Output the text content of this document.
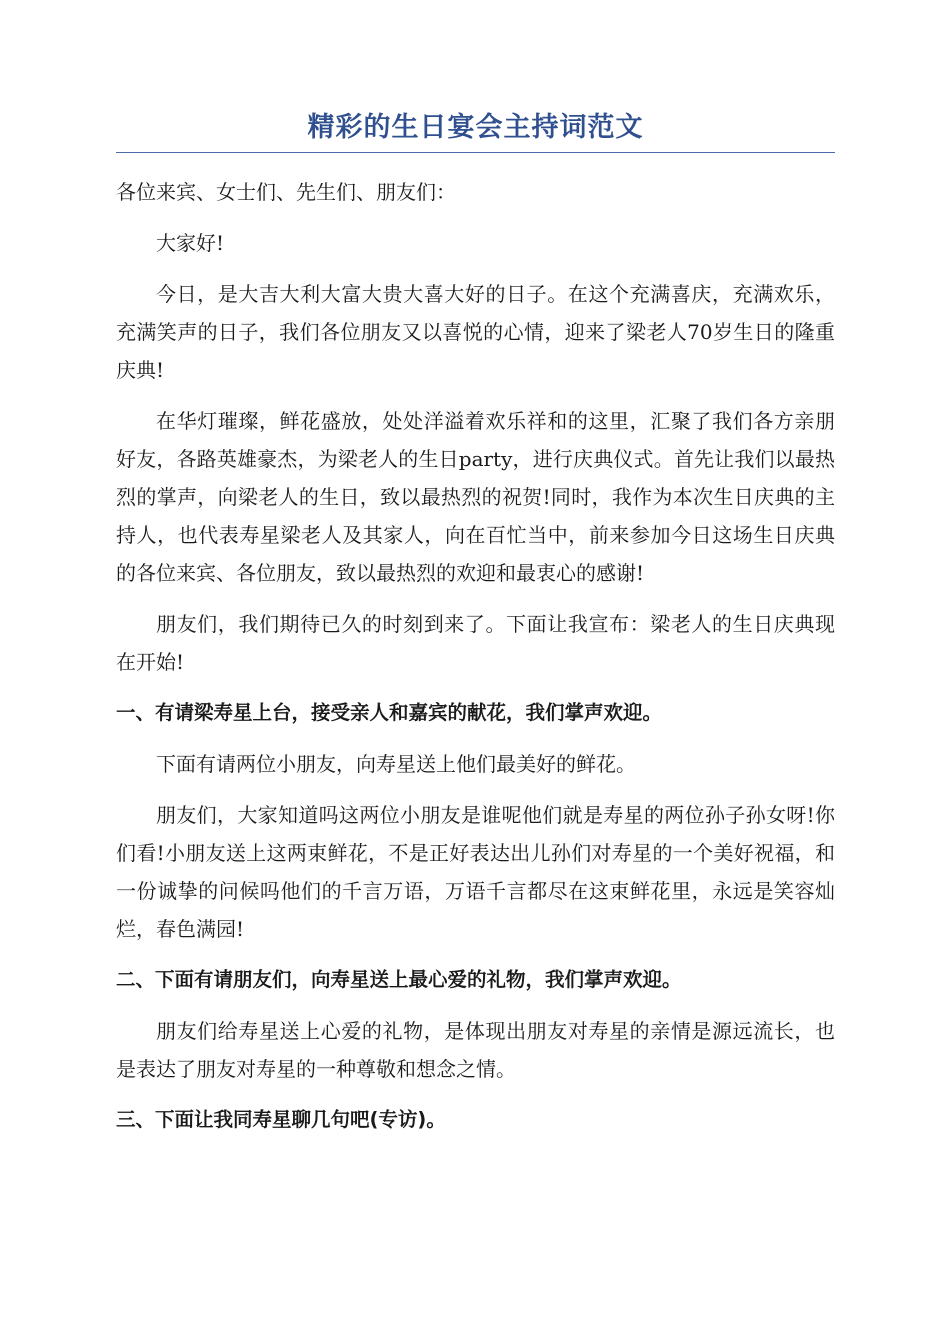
精彩的生日宴会主持词范文

各位来宾、女士们、先生们、朋友们：

大家好!

今日，是大吉大利大富大贵大喜大好的日子。在这个充满喜庆，充满欢乐，充满笑声的日子，我们各位朋友又以喜悦的心情，迎来了梁老人70岁生日的隆重庆典!

在华灯璀璨，鲜花盛放，处处洋溢着欢乐祥和的这里，汇聚了我们各方亲朋好友，各路英雄豪杰，为梁老人的生日party，进行庆典仪式。首先让我们以最热烈的掌声，向梁老人的生日，致以最热烈的祝贺!同时，我作为本次生日庆典的主持人，也代表寿星梁老人及其家人，向在百忙当中，前来参加今日这场生日庆典的各位来宾、各位朋友，致以最热烈的欢迎和最衷心的感谢!

朋友们，我们期待已久的时刻到来了。下面让我宣布：梁老人的生日庆典现在开始!

一、有请梁寿星上台，接受亲人和嘉宾的献花，我们掌声欢迎。

下面有请两位小朋友，向寿星送上他们最美好的鲜花。

朋友们，大家知道吗这两位小朋友是谁呢他们就是寿星的两位孙子孙女呀!你们看!小朋友送上这两束鲜花，不是正好表达出儿孙们对寿星的一个美好祝福，和一份诚挚的问候吗他们的千言万语，万语千言都尽在这束鲜花里，永远是笑容灿烂，春色满园!

二、下面有请朋友们，向寿星送上最心爱的礼物，我们掌声欢迎。

朋友们给寿星送上心爱的礼物，是体现出朋友对寿星的亲情是源远流长，也是表达了朋友对寿星的一种尊敬和想念之情。

三、下面让我同寿星聊几句吧(专访)。
